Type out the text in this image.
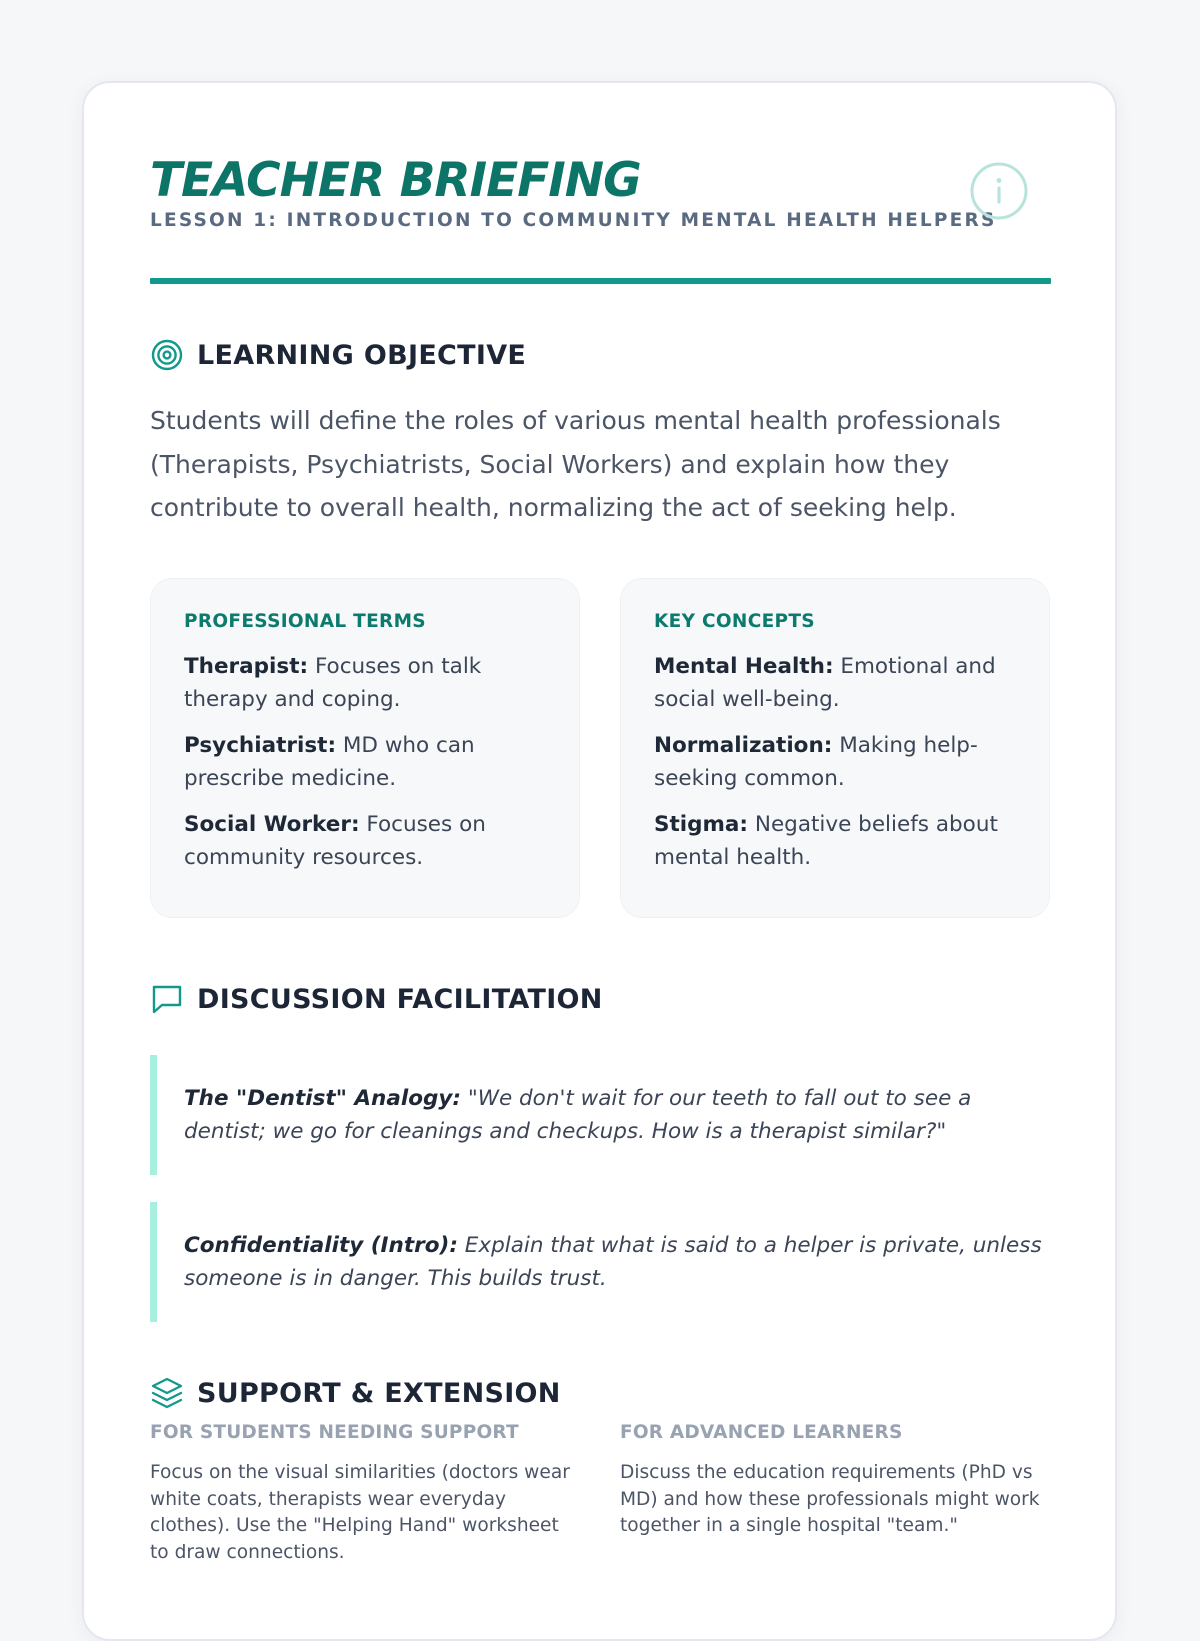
TEACHER BRIEFING
LESSON 1: INTRODUCTION TO COMMUNITY MENTAL HEALTH HELPERS
LEARNING OBJECTIVE

Students will define the roles of various mental health professionals (Therapists, Psychiatrists, Social Workers) and explain how they contribute to overall health, normalizing the act of seeking help.

PROFESSIONAL TERMS

Therapist: Focuses on talk therapy and coping.

Psychiatrist: MD who can prescribe medicine.

Social Worker: Focuses on community resources.

KEY CONCEPTS

Mental Health: Emotional and social well-being.

Normalization: Making help-seeking common.

Stigma: Negative beliefs about mental health.

DISCUSSION FACILITATION

The "Dentist" Analogy: "We don't wait for our teeth to fall out to see a dentist; we go for cleanings and checkups. How is a therapist similar?"

Confidentiality (Intro): Explain that what is said to a helper is private, unless someone is in danger. This builds trust.

SUPPORT & EXTENSION
FOR STUDENTS NEEDING SUPPORT

Focus on the visual similarities (doctors wear white coats, therapists wear everyday clothes). Use the "Helping Hand" worksheet to draw connections.

FOR ADVANCED LEARNERS

Discuss the education requirements (PhD vs MD) and how these professionals might work together in a single hospital "team."
